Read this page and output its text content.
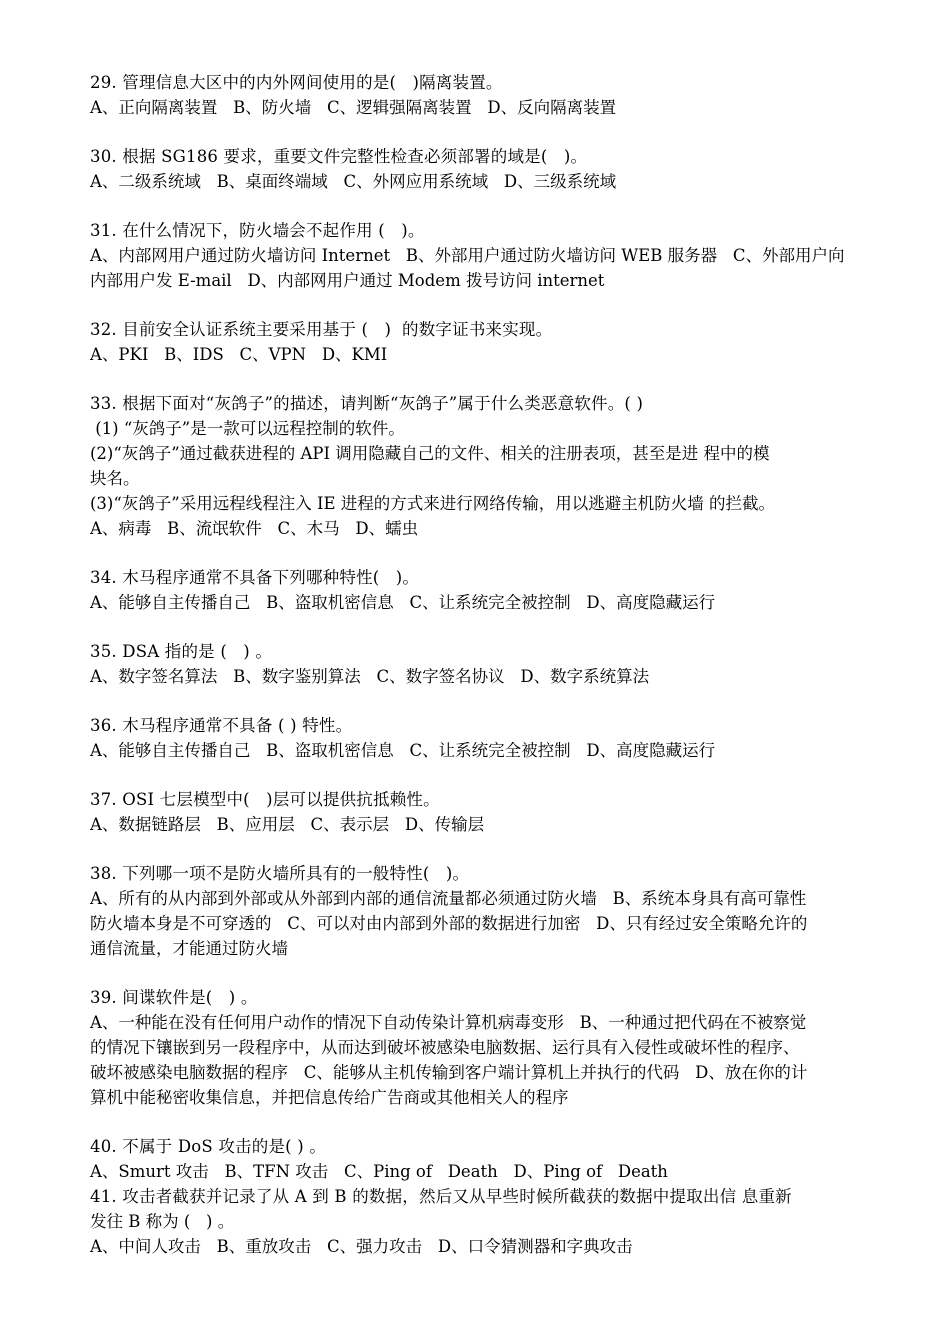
29. 管理信息大区中的内外网间使用的是(   )隔离装置。
A、正向隔离装置   B、防火墙   C、逻辑强隔离装置   D、反向隔离装置
30. 根据 SG186 要求，重要文件完整性检查必须部署的域是(   )。
A、二级系统域   B、桌面终端域   C、外网应用系统域   D、三级系统域
31. 在什么情况下，防火墙会不起作用 (   )。
A、内部网用户通过防火墙访问 Internet   B、外部用户通过防火墙访问 WEB 服务器   C、外部用户向
内部用户发 E-mail   D、内部网用户通过 Modem 拨号访问 internet
32. 目前安全认证系统主要采用基于 (   )  的数字证书来实现。
A、PKI   B、IDS   C、VPN   D、KMI
33. 根据下面对“灰鸽子”的描述，请判断“灰鸽子”属于什么类恶意软件。( )
(1) “灰鸽子”是一款可以远程控制的软件。
(2)“灰鸽子”通过截获进程的 API 调用隐藏自己的文件、相关的注册表项，甚至是进 程中的模
块名。
(3)“灰鸽子”采用远程线程注入 IE 进程的方式来进行网络传输，用以逃避主机防火墙 的拦截。
A、病毒   B、流氓软件   C、木马   D、蠕虫
34. 木马程序通常不具备下列哪种特性(   )。
A、能够自主传播自己   B、盗取机密信息   C、让系统完全被控制   D、高度隐藏运行
35. DSA 指的是 (   ) 。
A、数字签名算法   B、数字鉴别算法   C、数字签名协议   D、数字系统算法
36. 木马程序通常不具备 ( ) 特性。
A、能够自主传播自己   B、盗取机密信息   C、让系统完全被控制   D、高度隐藏运行
37. OSI 七层模型中(   )层可以提供抗抵赖性。
A、数据链路层   B、应用层   C、表示层   D、传输层
38. 下列哪一项不是防火墙所具有的一般特性(   )。
A、所有的从内部到外部或从外部到内部的通信流量都必须通过防火墙   B、系统本身具有高可靠性
防火墙本身是不可穿透的   C、可以对由内部到外部的数据进行加密   D、只有经过安全策略允许的
通信流量，才能通过防火墙
39. 间谍软件是(   ) 。
A、一种能在没有任何用户动作的情况下自动传染计算机病毒变形   B、一种通过把代码在不被察觉
的情况下镶嵌到另一段程序中，从而达到破坏被感染电脑数据、运行具有入侵性或破坏性的程序、
破坏被感染电脑数据的程序   C、能够从主机传输到客户端计算机上并执行的代码   D、放在你的计
算机中能秘密收集信息，并把信息传给广告商或其他相关人的程序
40. 不属于 DoS 攻击的是( ) 。
A、Smurt 攻击   B、TFN 攻击   C、Ping of   Death   D、Ping of   Death
41. 攻击者截获并记录了从 A 到 B 的数据，然后又从早些时候所截获的数据中提取出信 息重新
发往 B 称为 (   ) 。
A、中间人攻击   B、重放攻击   C、强力攻击   D、口令猜测器和字典攻击
